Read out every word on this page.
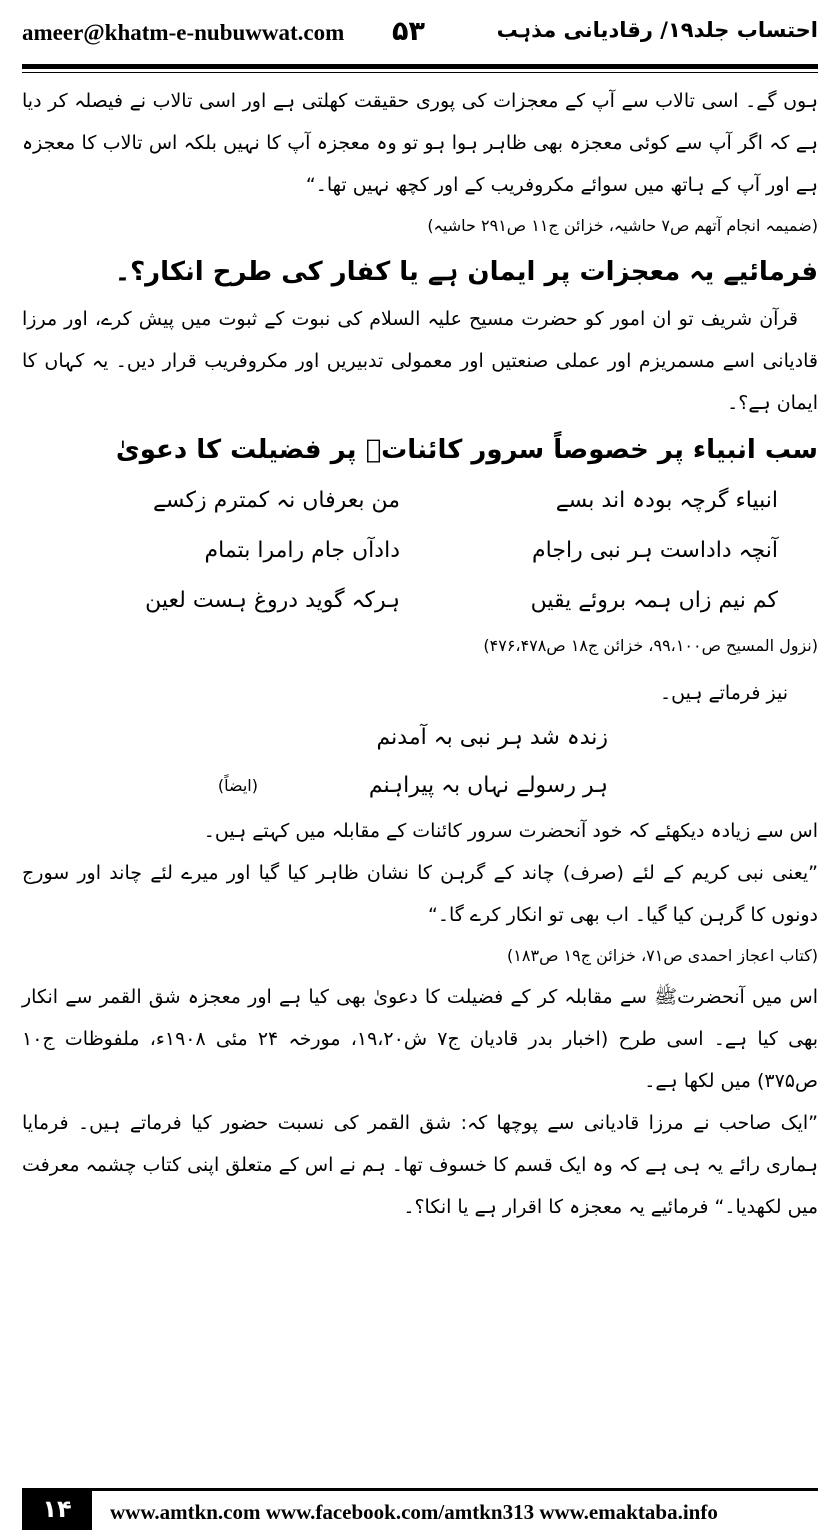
ameer@khatm-e-nubuwwat.com ۵۳	احتساب جلد۱۹/ رقادیانی مذہب

ہوں گے۔ اسی تالاب سے آپ کے معجزات کی پوری حقیقت کھلتی ہے اور اسی تالاب نے فیصلہ کر دیا ہے کہ اگر آپ سے کوئی معجزہ بھی ظاہر ہوا ہو تو وہ معجزہ آپ کا نہیں بلکہ اس تالاب کا معجزہ ہے اور آپ کے ہاتھ میں سوائے مکروفریب کے اور کچھ نہیں تھا۔“

(ضمیمہ انجام آتھم ص۷ حاشیہ، خزائن ج۱۱ ص۲۹۱ حاشیہ)

فرمائیے یہ معجزات پر ایمان ہے یا کفار کی طرح انکار؟۔

قرآن شریف تو ان امور کو حضرت مسیح علیہ السلام کی نبوت کے ثبوت میں پیش کرے، اور مرزا قادیانی اسے مسمریزم اور عملی صنعتیں اور معمولی تدبیریں اور مکروفریب قرار دیں۔ یہ کہاں کا ایمان ہے؟۔

سب انبیاء پر خصوصاً سرور کائناتؐ پر فضیلت کا دعویٰ

انبیاء گرچہ بودہ اند بسے
من بعرفاں نہ کمترم زکسے
آنچہ داداست ہر نبی راجام
دادآں جام رامرا بتمام
کم نیم زاں ہمہ بروئے یقیں
ہرکہ گوید دروغ ہست لعین

(نزول المسیح ص۹۹،۱۰۰، خزائن ج۱۸ ص۴۷۶،۴۷۸)

نیز فرماتے ہیں۔

زندہ شد ہر نبی بہ آمدنم
ہر رسولے نہاں بہ پیراہنم
(ایضاً)

اس سے زیادہ دیکھئے کہ خود آنحضرت سرور کائنات کے مقابلہ میں کہتے ہیں۔

”یعنی نبی کریم کے لئے (صرف) چاند کے گرہن کا نشان ظاہر کیا گیا اور میرے لئے چاند اور سورج دونوں کا گرہن کیا گیا۔ اب بھی تو انکار کرے گا۔“

(کتاب اعجاز احمدی ص۷۱، خزائن ج۱۹ ص۱۸۳)

اس میں آنحضرتﷺ سے مقابلہ کر کے فضیلت کا دعویٰ بھی کیا ہے اور معجزہ شق القمر سے انکار بھی کیا ہے۔ اسی طرح (اخبار بدر قادیان ج۷ ش۱۹،۲۰، مورخہ ۲۴ مئی ۱۹۰۸ء، ملفوظات ج۱۰ ص۳۷۵) میں لکھا ہے۔

”ایک صاحب نے مرزا قادیانی سے پوچھا کہ: شق القمر کی نسبت حضور کیا فرماتے ہیں۔ فرمایا ہماری رائے یہ ہی ہے کہ وہ ایک قسم کا خسوف تھا۔ ہم نے اس کے متعلق اپنی کتاب چشمہ معرفت میں لکھدیا۔“ فرمائیے یہ معجزہ کا اقرار ہے یا انکا؟۔

۱۴	www.amtkn.com www.facebook.com/amtkn313 www.emaktaba.info
